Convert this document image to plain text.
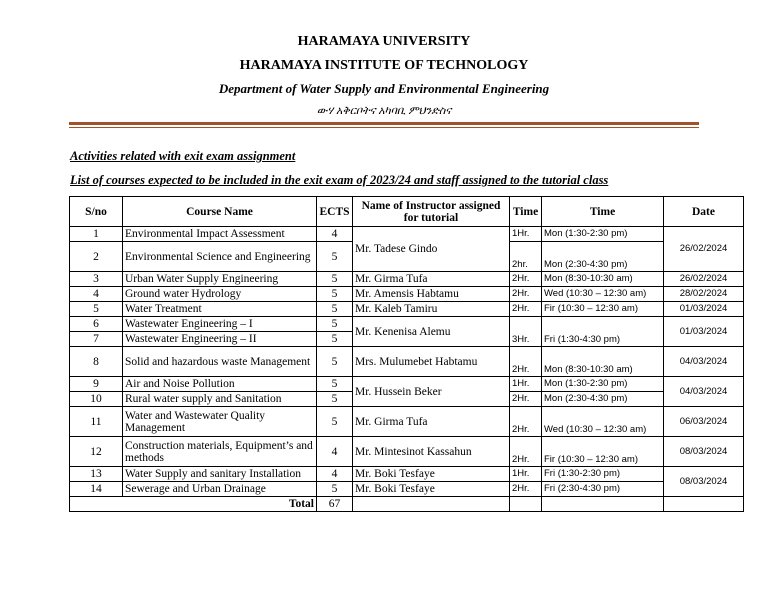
HARAMAYA UNIVERSITY
HARAMAYA INSTITUTE OF TECHNOLOGY
Department of Water Supply and Environmental Engineering
ውሃ አቅርቦትና አካባቢ ምህንድስና
Activities related with exit exam assignment
List of courses expected to be included in the exit exam of 2023/24 and staff assigned to the tutorial class
S/no	Course Name	ECTS	Name of Instructor assigned for tutorial	Time	Time	Date
1	Environmental Impact Assessment	4	Mr. Tadese Gindo	1Hr.	Mon (1:30-2:30 pm)	26/02/2024
2	Environmental Science and Engineering	5		2hr.	Mon (2:30-4:30 pm)	
3	Urban Water Supply Engineering	5	Mr. Girma Tufa	2Hr.	Mon (8:30-10:30 am)	26/02/2024
4	Ground water Hydrology	5	Mr. Amensis Habtamu	2Hr.	Wed (10:30 – 12:30 am)	28/02/2024
5	Water Treatment	5	Mr. Kaleb Tamiru	2Hr.	Fir (10:30 – 12:30 am)	01/03/2024
6	Wastewater Engineering – I	5	Mr. Kenenisa Alemu	3Hr.	Fri (1:30-4:30 pm)	01/03/2024
7	Wastewater Engineering – II	5				
8	Solid and hazardous waste Management	5	Mrs. Mulumebet Habtamu	2Hr.	Mon (8:30-10:30 am)	04/03/2024
9	Air and Noise Pollution	5	Mr. Hussein Beker	1Hr.	Mon (1:30-2:30 pm)	04/03/2024
10	Rural water supply and Sanitation	5		2Hr.	Mon (2:30-4:30 pm)	
11	Water and Wastewater Quality Management	5	Mr. Girma Tufa	2Hr.	Wed (10:30 – 12:30 am)	06/03/2024
12	Construction materials, Equipment’s and methods	4	Mr. Mintesinot Kassahun	2Hr.	Fir (10:30 – 12:30 am)	08/03/2024
13	Water Supply and sanitary Installation	4	Mr. Boki Tesfaye	1Hr.	Fri (1:30-2:30 pm)	08/03/2024
14	Sewerage and Urban Drainage	5	Mr. Boki Tesfaye	2Hr.	Fri (2:30-4:30 pm)	
Total		67				
